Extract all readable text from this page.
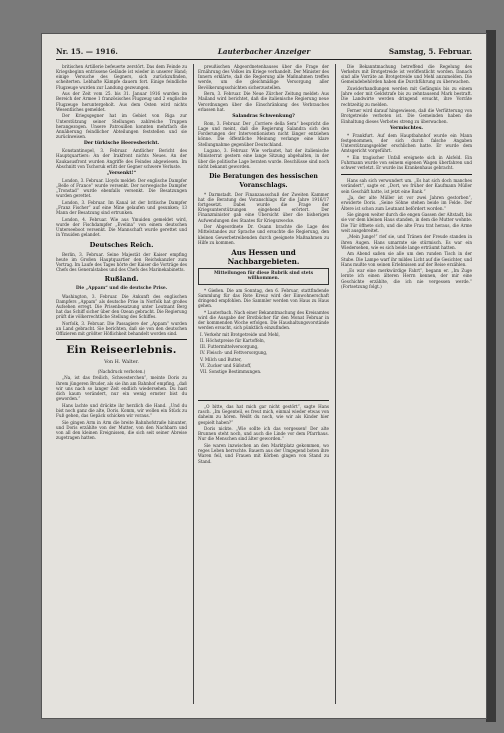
Nr. 15. — 1916.	Lauterbacher Anzeiger	Samstag, 5. Februar.

britischen Artillerie befeuerte zerstört. Das dem Feinde zu Kriegsbeginn entrissene Gelände ist wieder in unserer Hand; einige Versuche des Gegners, sich zurückzufinden, scheiterten. Lebhafte Kämpfe dauern fort. Einige feindliche Flugzeuge wurden zur Landung gezwungen.

Aus der Zeit vom 25. bis 31. Januar 1916 wurden im Bereich der Armee 1 französisches Flugzeug und 2 englische Flugzeuge heruntergeholt. Aus dem Osten wird nichts Wesentliches gemeldet.

Der Kriegsgegner hat im Gebiet von Riga zur Unterstützung seiner Stellungen zahlreiche Truppen herangezogen. Unsere Patrouillen konnten mehrfach die Annäherung feindlicher Abteilungen feststellen und sie zurückweisen.

Der türkische Heeresbericht.

Konstantinopel, 3. Februar. Amtlicher Bericht des Hauptquartiers: An der Irakfront nichts Neues. An der Kaukasusfront wurden Angriffe des Feindes abgewiesen. Im Abschnitt von Tschoruk erlitt der Gegner schwere Verluste.

„Versenkt!“

London, 3. Februar. Lloyds meldet: Der englische Dampfer „Belle of France“ wurde versenkt. Der norwegische Dampfer „Tronstad“ wurde ebenfalls versenkt. Die Besatzungen wurden gerettet.

London, 3. Februar. Im Kanal ist der britische Dampfer „Franz Fischer“ auf eine Mine gelaufen und gesunken; 13 Mann der Besatzung sind ertrunken.

London, 4. Februar. Wie aus Ymuiden gemeldet wird, wurde der Fischdampfer „Evelina“ von einem deutschen Unterseeboot versenkt. Die Mannschaft wurde gerettet und in Ymuiden gelandet.

Deutsches Reich.

Berlin, 3. Februar. Seine Majestät der Kaiser empfing heute im Großen Hauptquartier den Reichskanzler zum Vortrag. Im Laufe des Tages hörte der Kaiser die Vorträge des Chefs des Generalstabes und des Chefs des Marinekabinetts.

Rußland.
Die „Appam“ und die deutsche Prise.

Washington, 3. Februar. Die Ankunft des englischen Dampfers „Appam“ als deutsche Prise in Norfolk hat großes Aufsehen erregt. Die Prisenbesatzung unter Leutnant Berg hat das Schiff sicher über den Ozean gebracht. Die Regierung prüft die völkerrechtliche Stellung des Schiffes.

Norfolk, 3. Februar. Die Passagiere der „Appam“ wurden an Land gebracht. Sie berichten, daß sie von den deutschen Offizieren mit größter Höflichkeit behandelt worden sind.

Ein Reiseerlebnis.
Von H. Walter.

(Nachdruck verboten.)

„Na, ist das freilich, Schwesterchen“, meinte Doris zu ihrem jüngeren Bruder, als sie ihn am Bahnhof empfing, „daß wir uns nach so langer Zeit endlich wiedersehen. Du hast dich kaum verändert, nur ein wenig ernster bist du geworden.“

Hans lachte und drückte ihr herzlich die Hand. „Und du bist noch ganz die alte, Doris. Komm, wir wollen ein Stück zu Fuß gehen, das Gepäck schicken wir voraus.“

Sie gingen Arm in Arm die breite Bahnhofstraße hinunter, und Doris erzählte von der Mutter, von den Nachbarn und von all den kleinen Ereignissen, die sich seit seiner Abreise zugetragen hatten.

preußischen Abgeordnetenhauses über die Frage der Ernährung des Volkes im Kriege verhandelt. Der Minister des Innern erklärte, daß die Regierung alle Maßnahmen treffen werde, um die gleichmäßige Versorgung aller Bevölkerungsschichten sicherzustellen.

Bern, 3. Februar. Die Neue Zürcher Zeitung meldet: Aus Mailand wird berichtet, daß die italienische Regierung neue Verordnungen über die Einschränkung des Verbrauches erlassen hat.

Salandras Schwenkung?

Rom, 3. Februar. Der „Corriere della Sera“ bespricht die Lage und meint, daß die Regierung Salandra sich den Forderungen der Interventionisten nicht länger entziehen könne. Die öffentliche Meinung verlange eine klare Stellungnahme gegenüber Deutschland.

Lugano, 3. Februar. Wie verlautet, hat der italienische Ministerrat gestern eine lange Sitzung abgehalten, in der über die politische Lage beraten wurde. Beschlüsse sind noch nicht bekannt geworden.

Die Beratungen des hessischen Voranschlags.

* Darmstadt. Der Finanzausschuß der Zweiten Kammer hat die Beratung des Voranschlags für die Jahre 1916/17 fortgesetzt. Dabei wurde die Frage der Kriegsunterstützungen eingehend erörtert. Der Finanzminister gab eine Übersicht über die bisherigen Aufwendungen des Staates für Kriegszwecke.

Der Abgeordnete Dr. Osann brachte die Lage des Mittelstandes zur Sprache und ersuchte die Regierung, den kleinen Gewerbetreibenden durch geeignete Maßnahmen zu Hilfe zu kommen.

Aus Hessen und Nachbargebieten.
Mitteilungen für diese Rubrik sind stets willkommen.

* Gießen. Die am Sonntag, den 6. Februar, stattfindende Sammlung für das Rote Kreuz wird der Einwohnerschaft dringend empfohlen. Die Sammler werden von Haus zu Haus gehen.

* Lauterbach. Nach einer Bekanntmachung des Kreisamtes wird die Ausgabe der Brotbücher für den Monat Februar in der kommenden Woche erfolgen. Die Haushaltungsvorstände werden ersucht, sich pünktlich einzufinden.

I. Verkehr mit Brotgetreide und Mehl,
II. Höchstpreise für Kartoffeln,
III. Futtermittelversorgung,
IV. Fleisch- und Fettversorgung,
V. Milch und Butter,
VI. Zucker und Süßstoff,
VII. Sonstige Bestimmungen.

„O bitte, das hat mich gar nicht gestört“, sagte Hans rasch. „Im Gegenteil, es freut mich, einmal wieder etwas von daheim zu hören. Weißt du noch, wie wir als Kinder hier gespielt haben?“

Doris nickte. „Wie sollte ich das vergessen! Der alte Brunnen steht noch, und auch die Linde vor dem Pfarrhaus. Nur die Menschen sind älter geworden.“

Sie waren inzwischen an den Marktplatz gekommen, wo reges Leben herrschte. Bauern aus der Umgegend boten ihre Waren feil, und Frauen mit Körben gingen von Stand zu Stand.

Die Bekanntmachung betreffend die Regelung des Verkehrs mit Brotgetreide ist veröffentlicht worden. Danach sind alle Vorräte an Brotgetreide und Mehl anzumelden. Die Gemeindebehörden haben die Durchführung zu überwachen.

Zuwiderhandlungen werden mit Gefängnis bis zu einem Jahre oder mit Geldstrafe bis zu zehntausend Mark bestraft. Die Landwirte werden dringend ersucht, ihre Vorräte rechtzeitig zu melden.

Ferner wird darauf hingewiesen, daß die Verfütterung von Brotgetreide verboten ist. Die Gemeinden haben die Einhaltung dieses Verbotes streng zu überwachen.

Vermischtes.

* Frankfurt. Auf dem Hauptbahnhof wurde ein Mann festgenommen, der sich durch falsche Angaben Unterstützungsgelder erschlichen hatte. Er wurde dem Amtsgericht vorgeführt.

* Ein tragischer Unfall ereignete sich in Alsfeld. Ein Fuhrmann wurde von seinem eigenen Wagen überfahren und schwer verletzt. Er wurde ins Krankenhaus gebracht.

Hans sah sich verwundert um. „Es hat sich doch manches verändert“, sagte er. „Dort, wo früher der Kaufmann Müller sein Geschäft hatte, ist jetzt eine Bank.“

„Ja, der alte Müller ist vor zwei Jahren gestorben“, erwiderte Doris. „Seine Söhne stehen beide im Felde. Der Ältere ist schon zum Leutnant befördert worden.“

Sie gingen weiter durch die engen Gassen der Altstadt, bis sie vor dem kleinen Haus standen, in dem die Mutter wohnte. Die Tür öffnete sich, und die alte Frau trat heraus, die Arme weit ausgebreitet.

„Mein Junge!“ rief sie, und Tränen der Freude standen in ihren Augen. Hans umarmte sie stürmisch. Es war ein Wiedersehen, wie es sich beide lange erträumt hatten.

Am Abend saßen sie alle um den runden Tisch in der Stube. Die Lampe warf ihr mildes Licht auf die Gesichter, und Hans mußte von seinen Erlebnissen auf der Reise erzählen.

„Es war eine merkwürdige Fahrt“, begann er. „Im Zuge lernte ich einen älteren Herrn kennen, der mir eine Geschichte erzählte, die ich nie vergessen werde.“ (Fortsetzung folgt.)
